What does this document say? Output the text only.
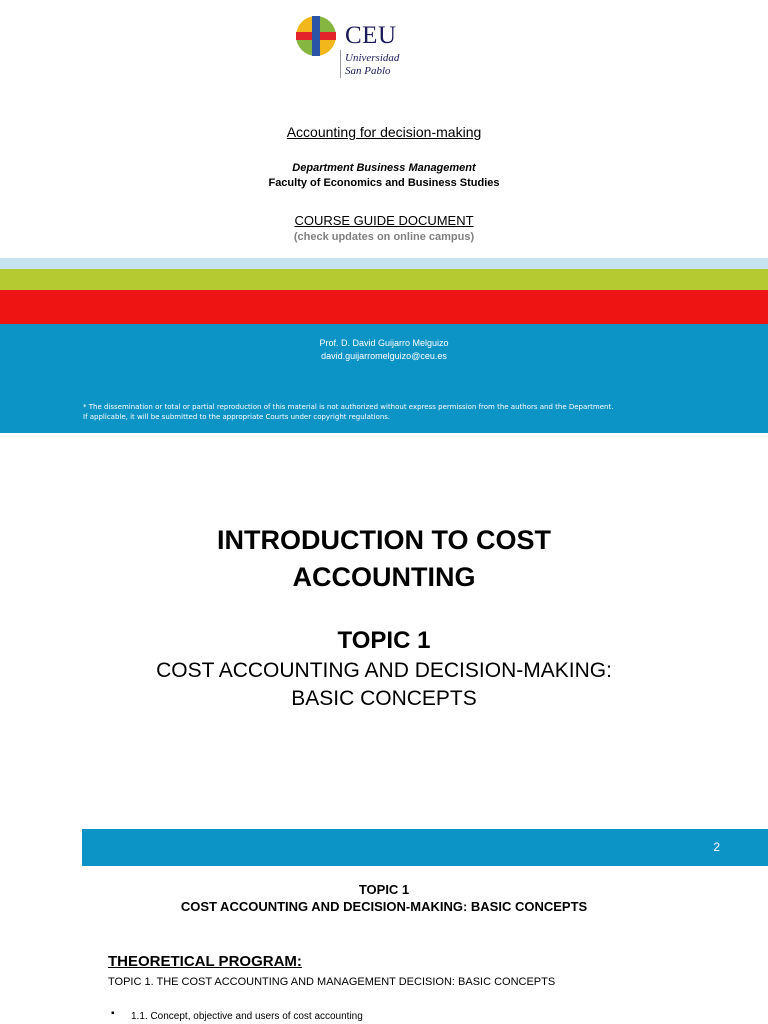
CEU
Universidad
San Pablo
Accounting for decision-making
Department Business Management
Faculty of Economics and Business Studies
COURSE GUIDE DOCUMENT
(check updates on online campus)
Prof. D. David Guijarro Melguizo
david.guijarromelguizo@ceu.es
* The dissemination or total or partial reproduction of this material is not authorized without express permission from the authors and the Department.
If applicable, it will be submitted to the appropriate Courts under copyright regulations.
INTRODUCTION TO COST
ACCOUNTING
TOPIC 1
COST ACCOUNTING AND DECISION-MAKING:
BASIC CONCEPTS
2
TOPIC 1
COST ACCOUNTING AND DECISION-MAKING: BASIC CONCEPTS
THEORETICAL PROGRAM:
TOPIC 1. THE COST ACCOUNTING AND MANAGEMENT DECISION: BASIC CONCEPTS
▪ 1.1. Concept, objective and users of cost accounting
